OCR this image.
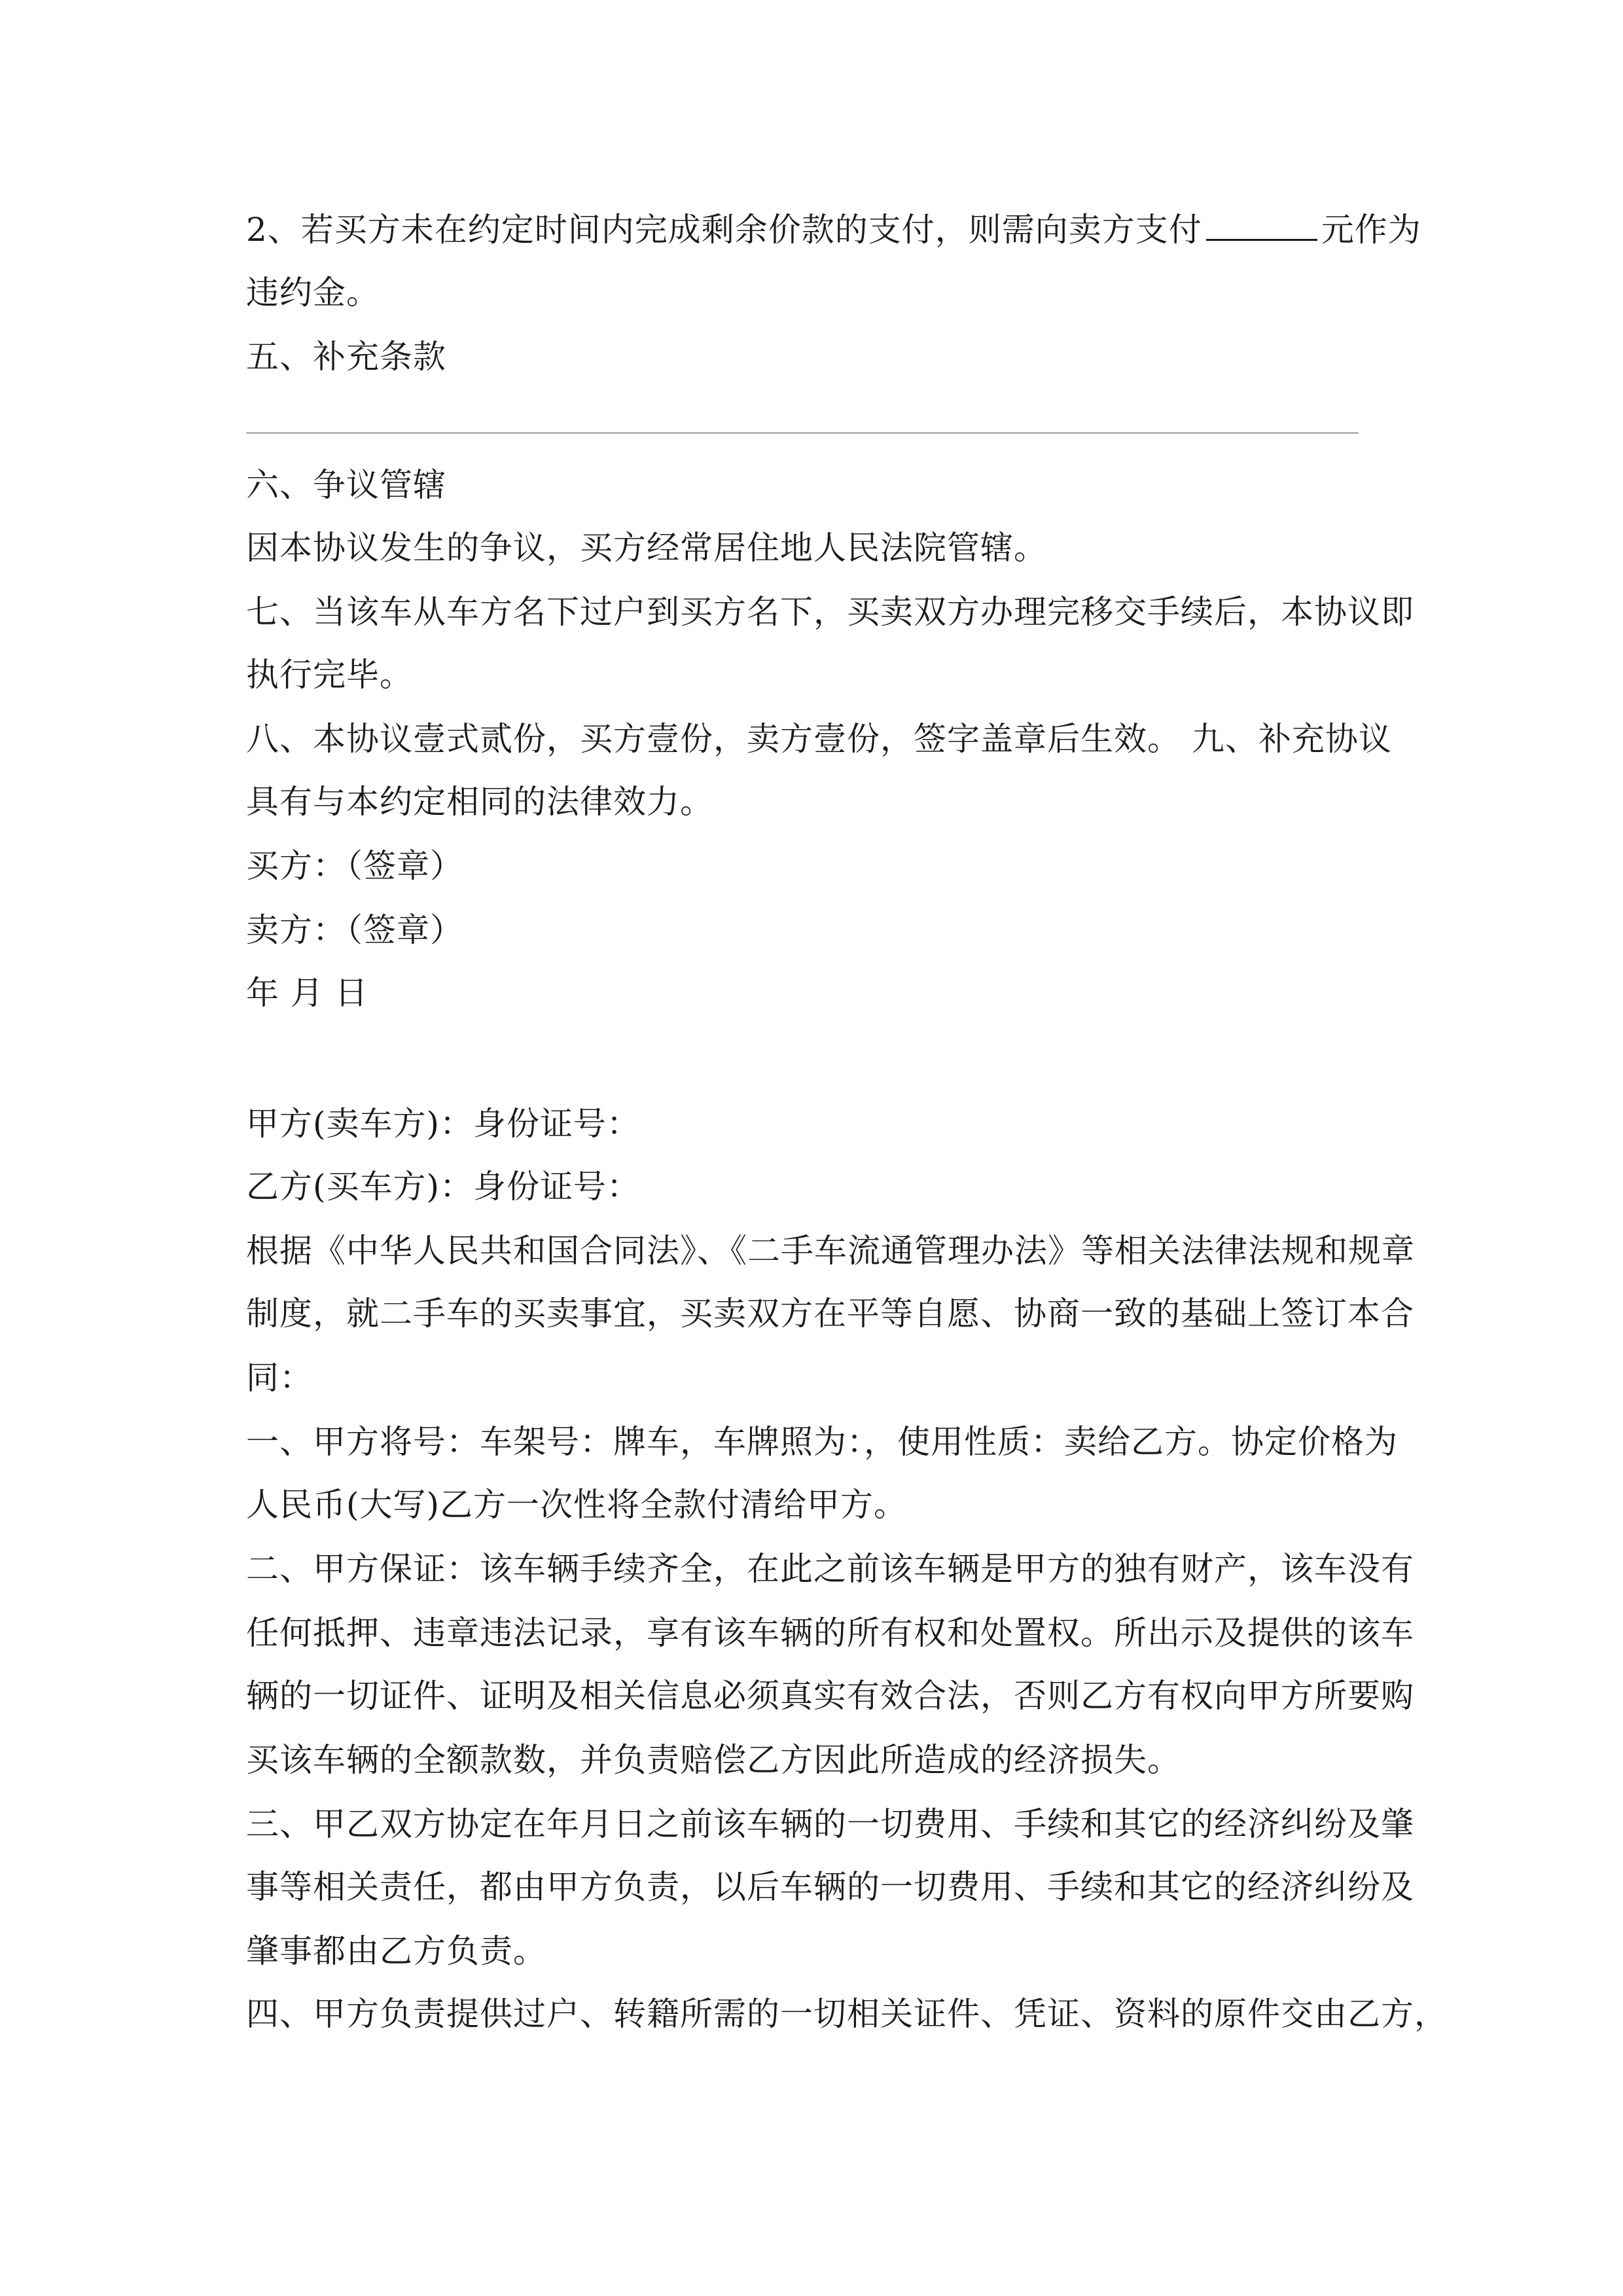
2、若买方未在约定时间内完成剩余价款的支付，则需向卖方支付	元作为
违约金。
五、补充条款
六、争议管辖
因本协议发生的争议，买方经常居住地人民法院管辖。
七、当该车从车方名下过户到买方名下，买卖双方办理完移交手续后，本协议即
执行完毕。
八、本协议壹式贰份，买方壹份，卖方壹份，签字盖章后生效。 九、补充协议
具有与本约定相同的法律效力。
买方：（签章）
卖方：（签章）
年 月 日
甲方(卖车方)：身份证号：
乙方(买车方)：身份证号：
根据《中华人民共和国合同法》、《二手车流通管理办法》等相关法律法规和规章
制度，就二手车的买卖事宜，买卖双方在平等自愿、协商一致的基础上签订本合
同：
一、甲方将号：车架号：牌车，车牌照为：，使用性质：卖给乙方。协定价格为
人民币(大写)乙方一次性将全款付清给甲方。
二、甲方保证：该车辆手续齐全，在此之前该车辆是甲方的独有财产，该车没有
任何抵押、违章违法记录，享有该车辆的所有权和处置权。所出示及提供的该车
辆的一切证件、证明及相关信息必须真实有效合法，否则乙方有权向甲方所要购
买该车辆的全额款数，并负责赔偿乙方因此所造成的经济损失。
三、甲乙双方协定在年月日之前该车辆的一切费用、手续和其它的经济纠纷及肇
事等相关责任，都由甲方负责，以后车辆的一切费用、手续和其它的经济纠纷及
肇事都由乙方负责。
四、甲方负责提供过户、转籍所需的一切相关证件、凭证、资料的原件交由乙方，
